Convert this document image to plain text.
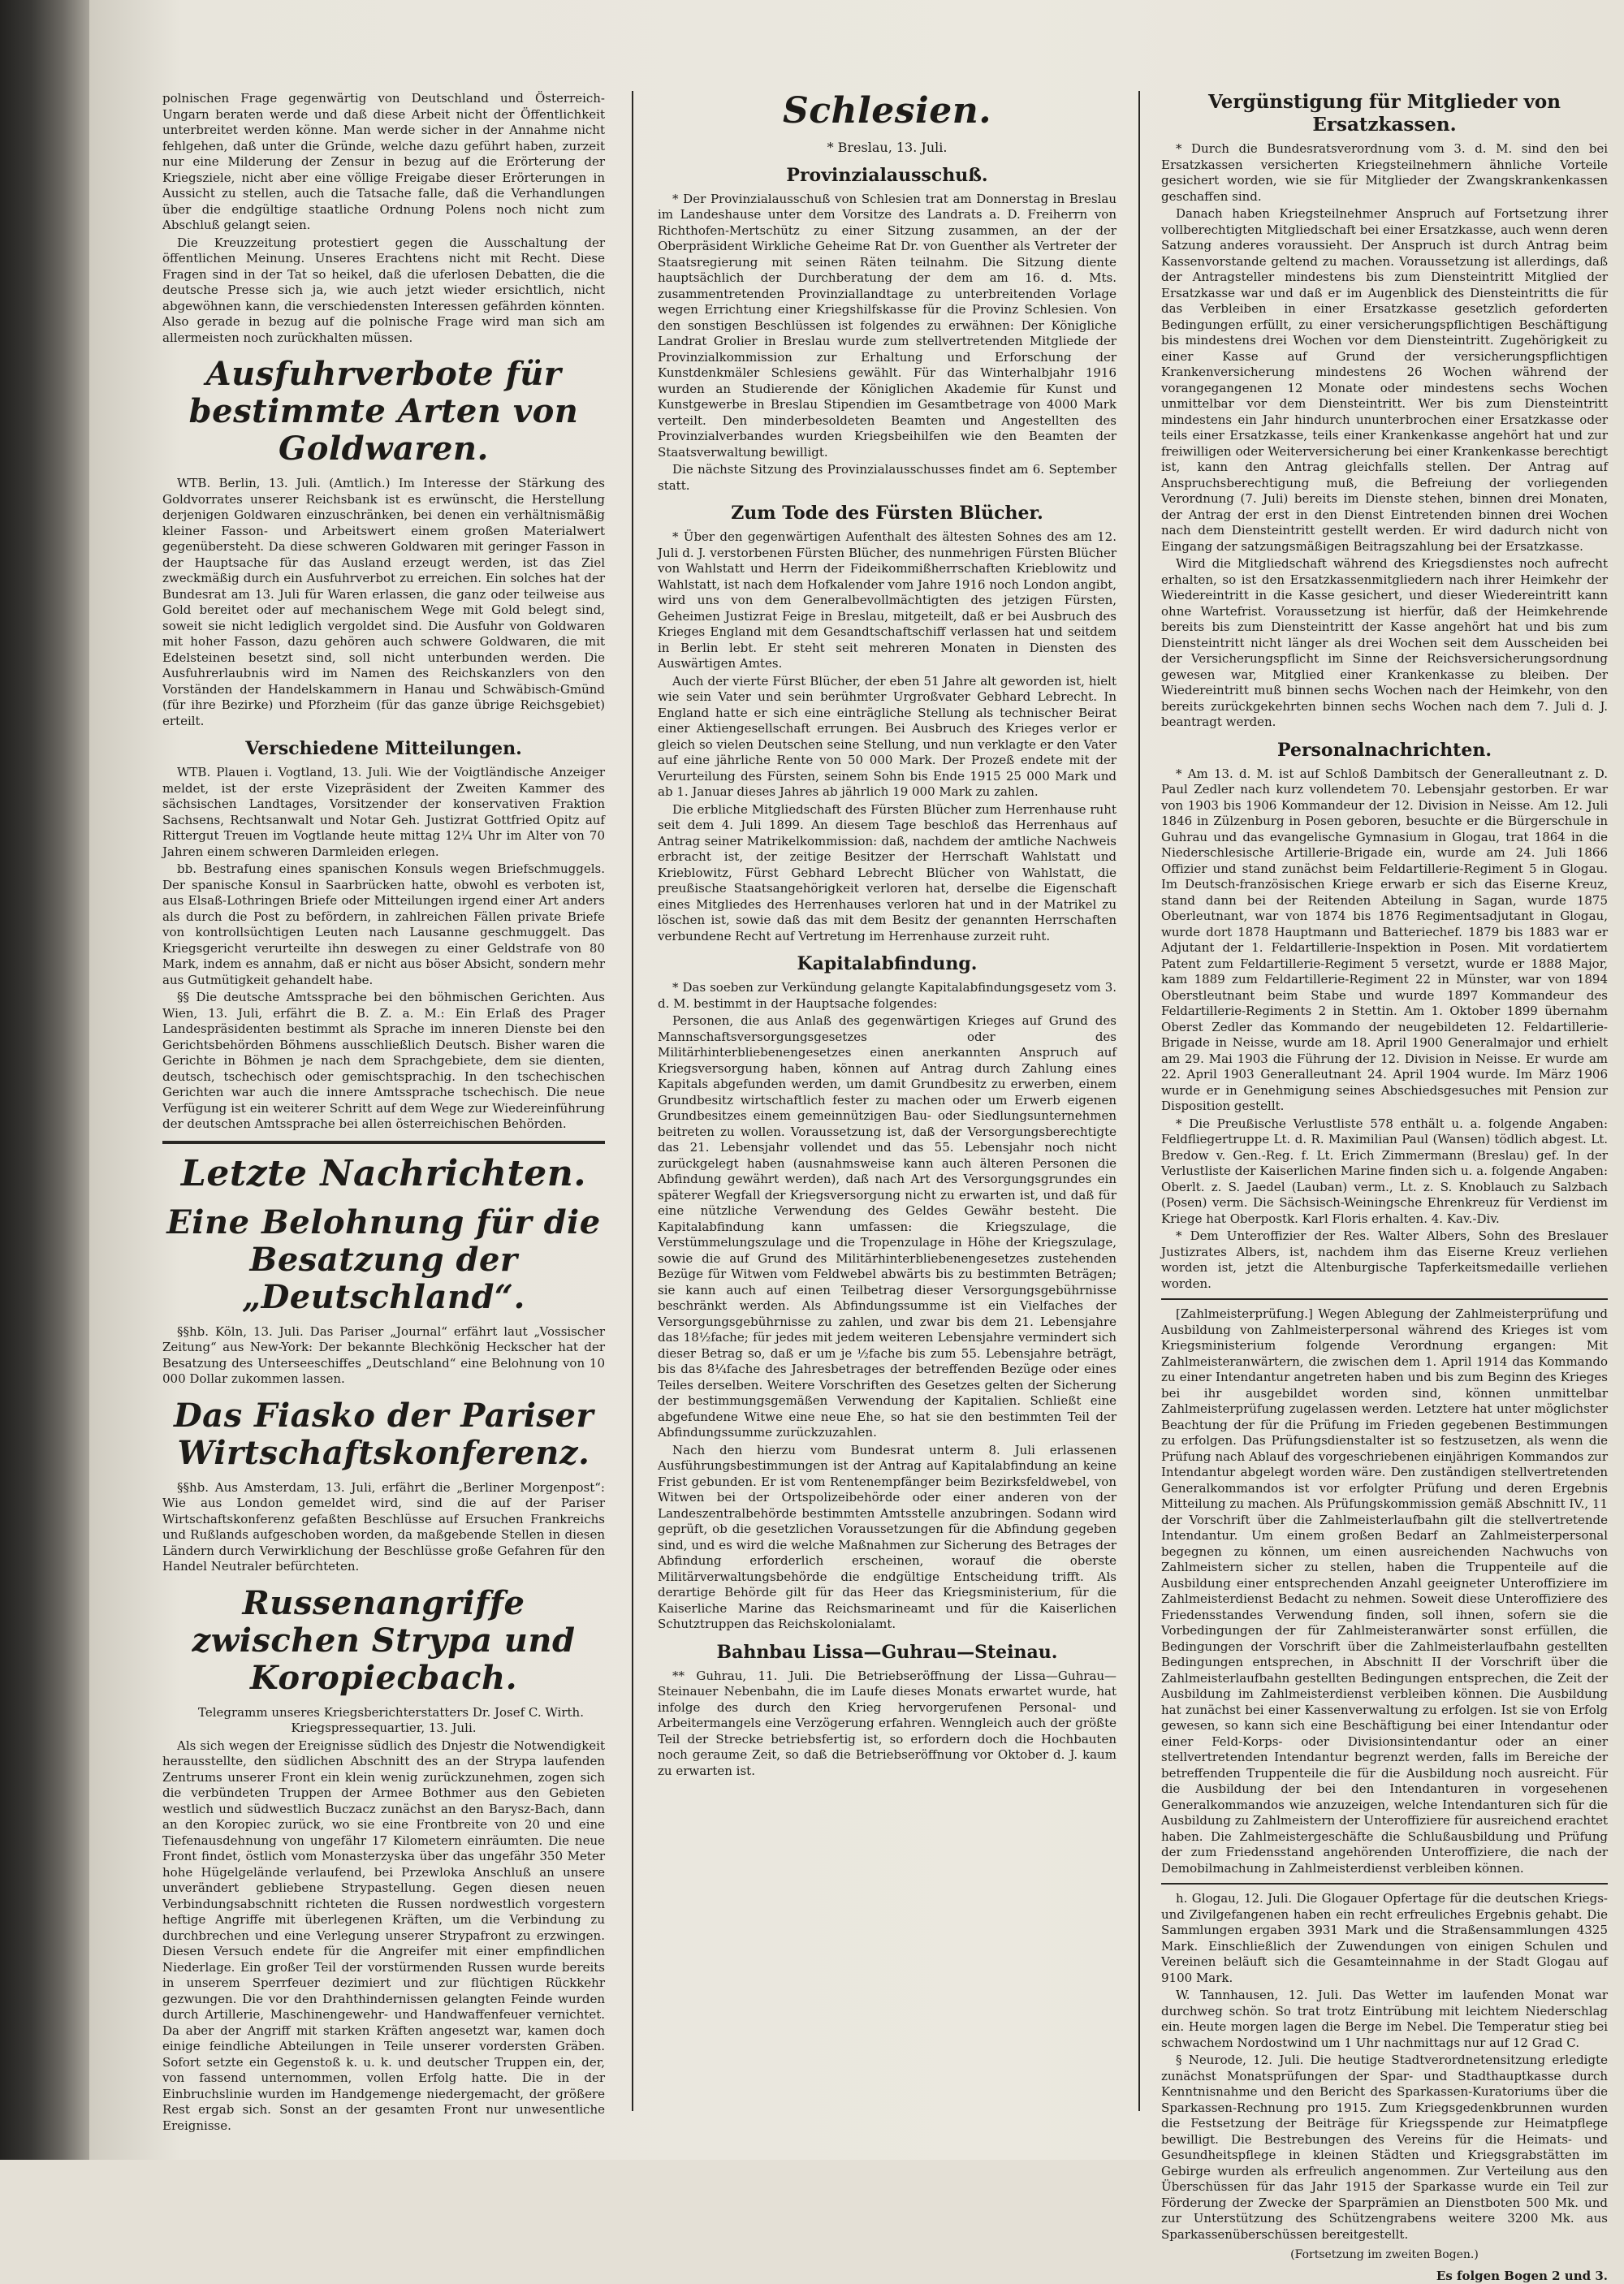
polnischen Frage gegenwärtig von Deutschland und Österreich-Ungarn beraten werde und daß diese Arbeit nicht der Öffentlichkeit unterbreitet werden könne. Man werde sicher in der Annahme nicht fehlgehen, daß unter die Gründe, welche dazu geführt haben, zurzeit nur eine Milderung der Zensur in bezug auf die Erörterung der Kriegsziele, nicht aber eine völlige Freigabe dieser Erörterungen in Aussicht zu stellen, auch die Tatsache falle, daß die Verhandlungen über die endgültige staatliche Ordnung Polens noch nicht zum Abschluß gelangt seien.

Die Kreuzzeitung protestiert gegen die Ausschaltung der öffentlichen Meinung. Unseres Erachtens nicht mit Recht. Diese Fragen sind in der Tat so heikel, daß die uferlosen Debatten, die die deutsche Presse sich ja, wie auch jetzt wieder ersichtlich, nicht abgewöhnen kann, die verschiedensten Interessen gefährden könnten. Also gerade in bezug auf die polnische Frage wird man sich am allermeisten noch zurückhalten müssen.

Ausfuhrverbote für bestimmte Arten von Goldwaren.

WTB. Berlin, 13. Juli. (Amtlich.) Im Interesse der Stärkung des Goldvorrates unserer Reichsbank ist es erwünscht, die Herstellung derjenigen Goldwaren einzuschränken, bei denen ein verhältnismäßig kleiner Fasson- und Arbeitswert einem großen Materialwert gegenübersteht. Da diese schweren Goldwaren mit geringer Fasson in der Hauptsache für das Ausland erzeugt werden, ist das Ziel zweckmäßig durch ein Ausfuhrverbot zu erreichen. Ein solches hat der Bundesrat am 13. Juli für Waren erlassen, die ganz oder teilweise aus Gold bereitet oder auf mechanischem Wege mit Gold belegt sind, soweit sie nicht lediglich vergoldet sind. Die Ausfuhr von Goldwaren mit hoher Fasson, dazu gehören auch schwere Goldwaren, die mit Edelsteinen besetzt sind, soll nicht unterbunden werden. Die Ausfuhrerlaubnis wird im Namen des Reichskanzlers von den Vorständen der Handelskammern in Hanau und Schwäbisch-Gmünd (für ihre Bezirke) und Pforzheim (für das ganze übrige Reichsgebiet) erteilt.

Verschiedene Mitteilungen.

WTB. Plauen i. Vogtland, 13. Juli. Wie der Voigtländische Anzeiger meldet, ist der erste Vizepräsident der Zweiten Kammer des sächsischen Landtages, Vorsitzender der konservativen Fraktion Sachsens, Rechtsanwalt und Notar Geh. Justizrat Gottfried Opitz auf Rittergut Treuen im Vogtlande heute mittag 12¼ Uhr im Alter von 70 Jahren einem schweren Darmleiden erlegen.

bb. Bestrafung eines spanischen Konsuls wegen Briefschmuggels. Der spanische Konsul in Saarbrücken hatte, obwohl es verboten ist, aus Elsaß-Lothringen Briefe oder Mitteilungen irgend einer Art anders als durch die Post zu befördern, in zahlreichen Fällen private Briefe von kontrollsüchtigen Leuten nach Lausanne geschmuggelt. Das Kriegsgericht verurteilte ihn deswegen zu einer Geldstrafe von 80 Mark, indem es annahm, daß er nicht aus böser Absicht, sondern mehr aus Gutmütigkeit gehandelt habe.

§§ Die deutsche Amtssprache bei den böhmischen Gerichten. Aus Wien, 13. Juli, erfährt die B. Z. a. M.: Ein Erlaß des Prager Landespräsidenten bestimmt als Sprache im inneren Dienste bei den Gerichtsbehörden Böhmens ausschließlich Deutsch. Bisher waren die Gerichte in Böhmen je nach dem Sprachgebiete, dem sie dienten, deutsch, tschechisch oder gemischtsprachig. In den tschechischen Gerichten war auch die innere Amtssprache tschechisch. Die neue Verfügung ist ein weiterer Schritt auf dem Wege zur Wiedereinführung der deutschen Amtssprache bei allen österreichischen Behörden.

Letzte Nachrichten.
Eine Belohnung für die Besatzung der „Deutschland“.

§§hb. Köln, 13. Juli. Das Pariser „Journal“ erfährt laut „Vossischer Zeitung“ aus New-York: Der bekannte Blechkönig Heckscher hat der Besatzung des Unterseeschiffes „Deutschland“ eine Belohnung von 10 000 Dollar zukommen lassen.

Das Fiasko der Pariser Wirtschaftskonferenz.

§§hb. Aus Amsterdam, 13. Juli, erfährt die „Berliner Morgenpost“: Wie aus London gemeldet wird, sind die auf der Pariser Wirtschaftskonferenz gefaßten Beschlüsse auf Ersuchen Frankreichs und Rußlands aufgeschoben worden, da maßgebende Stellen in diesen Ländern durch Verwirklichung der Beschlüsse große Gefahren für den Handel Neutraler befürchteten.

Russenangriffe zwischen Strypa und Koropiecbach.

Telegramm unseres Kriegsberichterstatters Dr. Josef C. Wirth. Kriegspressequartier, 13. Juli.

Als sich wegen der Ereignisse südlich des Dnjestr die Notwendigkeit herausstellte, den südlichen Abschnitt des an der Strypa laufenden Zentrums unserer Front ein klein wenig zurückzunehmen, zogen sich die verbündeten Truppen der Armee Bothmer aus den Gebieten westlich und südwestlich Buczacz zunächst an den Barysz-Bach, dann an den Koropiec zurück, wo sie eine Frontbreite von 20 und eine Tiefenausdehnung von ungefähr 17 Kilometern einräumten. Die neue Front findet, östlich vom Monasterzyska über das ungefähr 350 Meter hohe Hügelgelände verlaufend, bei Przewloka Anschluß an unsere unverändert gebliebene Strypastellung. Gegen diesen neuen Verbindungsabschnitt richteten die Russen nordwestlich vorgestern heftige Angriffe mit überlegenen Kräften, um die Verbindung zu durchbrechen und eine Verlegung unserer Strypafront zu erzwingen. Diesen Versuch endete für die Angreifer mit einer empfindlichen Niederlage. Ein großer Teil der vorstürmenden Russen wurde bereits in unserem Sperrfeuer dezimiert und zur flüchtigen Rückkehr gezwungen. Die vor den Drahthindernissen gelangten Feinde wurden durch Artillerie, Maschinengewehr- und Handwaffenfeuer vernichtet. Da aber der Angriff mit starken Kräften angesetzt war, kamen doch einige feindliche Abteilungen in Teile unserer vordersten Gräben. Sofort setzte ein Gegenstoß k. u. k. und deutscher Truppen ein, der, von fassend unternommen, vollen Erfolg hatte. Die in der Einbruchslinie wurden im Handgemenge niedergemacht, der größere Rest ergab sich. Sonst an der gesamten Front nur unwesentliche Ereignisse.

Schlesien.
* Breslau, 13. Juli.
Provinzialausschuß.

* Der Provinzialausschuß von Schlesien trat am Donnerstag in Breslau im Landeshause unter dem Vorsitze des Landrats a. D. Freiherrn von Richthofen-Mertschütz zu einer Sitzung zusammen, an der der Oberpräsident Wirkliche Geheime Rat Dr. von Guenther als Vertreter der Staatsregierung mit seinen Räten teilnahm. Die Sitzung diente hauptsächlich der Durchberatung der dem am 16. d. Mts. zusammentretenden Provinziallandtage zu unterbreitenden Vorlage wegen Errichtung einer Kriegshilfskasse für die Provinz Schlesien. Von den sonstigen Beschlüssen ist folgendes zu erwähnen: Der Königliche Landrat Grolier in Breslau wurde zum stellvertretenden Mitgliede der Provinzialkommission zur Erhaltung und Erforschung der Kunstdenkmäler Schlesiens gewählt. Für das Winterhalbjahr 1916 wurden an Studierende der Königlichen Akademie für Kunst und Kunstgewerbe in Breslau Stipendien im Gesamtbetrage von 4000 Mark verteilt. Den minderbesoldeten Beamten und Angestellten des Provinzialverbandes wurden Kriegsbeihilfen wie den Beamten der Staatsverwaltung bewilligt.

Die nächste Sitzung des Provinzialausschusses findet am 6. September statt.

Zum Tode des Fürsten Blücher.

* Über den gegenwärtigen Aufenthalt des ältesten Sohnes des am 12. Juli d. J. verstorbenen Fürsten Blücher, des nunmehrigen Fürsten Blücher von Wahlstatt und Herrn der Fideikommißherrschaften Krieblowitz und Wahlstatt, ist nach dem Hofkalender vom Jahre 1916 noch London angibt, wird uns von dem Generalbevollmächtigten des jetzigen Fürsten, Geheimen Justizrat Feige in Breslau, mitgeteilt, daß er bei Ausbruch des Krieges England mit dem Gesandtschaftschiff verlassen hat und seitdem in Berlin lebt. Er steht seit mehreren Monaten in Diensten des Auswärtigen Amtes.

Auch der vierte Fürst Blücher, der eben 51 Jahre alt geworden ist, hielt wie sein Vater und sein berühmter Urgroßvater Gebhard Lebrecht. In England hatte er sich eine einträgliche Stellung als technischer Beirat einer Aktiengesellschaft errungen. Bei Ausbruch des Krieges verlor er gleich so vielen Deutschen seine Stellung, und nun verklagte er den Vater auf eine jährliche Rente von 50 000 Mark. Der Prozeß endete mit der Verurteilung des Fürsten, seinem Sohn bis Ende 1915 25 000 Mark und ab 1. Januar dieses Jahres ab jährlich 19 000 Mark zu zahlen.

Die erbliche Mitgliedschaft des Fürsten Blücher zum Herrenhause ruht seit dem 4. Juli 1899. An diesem Tage beschloß das Herrenhaus auf Antrag seiner Matrikelkommission: daß, nachdem der amtliche Nachweis erbracht ist, der zeitige Besitzer der Herrschaft Wahlstatt und Krieblowitz, Fürst Gebhard Lebrecht Blücher von Wahlstatt, die preußische Staatsangehörigkeit verloren hat, derselbe die Eigenschaft eines Mitgliedes des Herrenhauses verloren hat und in der Matrikel zu löschen ist, sowie daß das mit dem Besitz der genannten Herrschaften verbundene Recht auf Vertretung im Herrenhause zurzeit ruht.

Kapitalabfindung.

* Das soeben zur Verkündung gelangte Kapitalabfindungsgesetz vom 3. d. M. bestimmt in der Hauptsache folgendes:

Personen, die aus Anlaß des gegenwärtigen Krieges auf Grund des Mannschaftsversorgungsgesetzes oder des Militärhinterbliebenengesetzes einen anerkannten Anspruch auf Kriegsversorgung haben, können auf Antrag durch Zahlung eines Kapitals abgefunden werden, um damit Grundbesitz zu erwerben, einem Grundbesitz wirtschaftlich fester zu machen oder um Erwerb eigenen Grundbesitzes einem gemeinnützigen Bau- oder Siedlungsunternehmen beitreten zu wollen. Voraussetzung ist, daß der Versorgungsberechtigte das 21. Lebensjahr vollendet und das 55. Lebensjahr noch nicht zurückgelegt haben (ausnahmsweise kann auch älteren Personen die Abfindung gewährt werden), daß nach Art des Versorgungsgrundes ein späterer Wegfall der Kriegsversorgung nicht zu erwarten ist, und daß für eine nützliche Verwendung des Geldes Gewähr besteht. Die Kapitalabfindung kann umfassen: die Kriegszulage, die Verstümmelungszulage und die Tropenzulage in Höhe der Kriegszulage, sowie die auf Grund des Militärhinterbliebenengesetzes zustehenden Bezüge für Witwen vom Feldwebel abwärts bis zu bestimmten Beträgen; sie kann auch auf einen Teilbetrag dieser Versorgungsgebührnisse beschränkt werden. Als Abfindungssumme ist ein Vielfaches der Versorgungsgebührnisse zu zahlen, und zwar bis dem 21. Lebensjahre das 18½fache; für jedes mit jedem weiteren Lebensjahre vermindert sich dieser Betrag so, daß er um je ½fache bis zum 55. Lebensjahre beträgt, bis das 8¼fache des Jahresbetrages der betreffenden Bezüge oder eines Teiles derselben. Weitere Vorschriften des Gesetzes gelten der Sicherung der bestimmungsgemäßen Verwendung der Kapitalien. Schließt eine abgefundene Witwe eine neue Ehe, so hat sie den bestimmten Teil der Abfindungssumme zurückzuzahlen.

Nach den hierzu vom Bundesrat unterm 8. Juli erlassenen Ausführungsbestimmungen ist der Antrag auf Kapitalabfindung an keine Frist gebunden. Er ist vom Rentenempfänger beim Bezirksfeldwebel, von Witwen bei der Ortspolizeibehörde oder einer anderen von der Landeszentralbehörde bestimmten Amtsstelle anzubringen. Sodann wird geprüft, ob die gesetzlichen Voraussetzungen für die Abfindung gegeben sind, und es wird die welche Maßnahmen zur Sicherung des Betrages der Abfindung erforderlich erscheinen, worauf die oberste Militärverwaltungsbehörde die endgültige Entscheidung trifft. Als derartige Behörde gilt für das Heer das Kriegsministerium, für die Kaiserliche Marine das Reichsmarineamt und für die Kaiserlichen Schutztruppen das Reichskolonialamt.

Bahnbau Lissa—Guhrau—Steinau.

** Guhrau, 11. Juli. Die Betriebseröffnung der Lissa—Guhrau—Steinauer Nebenbahn, die im Laufe dieses Monats erwartet wurde, hat infolge des durch den Krieg hervorgerufenen Personal- und Arbeitermangels eine Verzögerung erfahren. Wenngleich auch der größte Teil der Strecke betriebsfertig ist, so erfordern doch die Hochbauten noch geraume Zeit, so daß die Betriebseröffnung vor Oktober d. J. kaum zu erwarten ist.

Vergünstigung für Mitglieder von Ersatzkassen.

* Durch die Bundesratsverordnung vom 3. d. M. sind den bei Ersatzkassen versicherten Kriegsteilnehmern ähnliche Vorteile gesichert worden, wie sie für Mitglieder der Zwangskrankenkassen geschaffen sind.

Danach haben Kriegsteilnehmer Anspruch auf Fortsetzung ihrer vollberechtigten Mitgliedschaft bei einer Ersatzkasse, auch wenn deren Satzung anderes voraussieht. Der Anspruch ist durch Antrag beim Kassenvorstande geltend zu machen. Voraussetzung ist allerdings, daß der Antragsteller mindestens bis zum Diensteintritt Mitglied der Ersatzkasse war und daß er im Augenblick des Diensteintritts die für das Verbleiben in einer Ersatzkasse gesetzlich geforderten Bedingungen erfüllt, zu einer versicherungspflichtigen Beschäftigung bis mindestens drei Wochen vor dem Diensteintritt. Zugehörigkeit zu einer Kasse auf Grund der versicherungspflichtigen Krankenversicherung mindestens 26 Wochen während der vorangegangenen 12 Monate oder mindestens sechs Wochen unmittelbar vor dem Diensteintritt. Wer bis zum Diensteintritt mindestens ein Jahr hindurch ununterbrochen einer Ersatzkasse oder teils einer Ersatzkasse, teils einer Krankenkasse angehört hat und zur freiwilligen oder Weiterversicherung bei einer Krankenkasse berechtigt ist, kann den Antrag gleichfalls stellen. Der Antrag auf Anspruchsberechtigung muß, die Befreiung der vorliegenden Verordnung (7. Juli) bereits im Dienste stehen, binnen drei Monaten, der Antrag der erst in den Dienst Eintretenden binnen drei Wochen nach dem Diensteintritt gestellt werden. Er wird dadurch nicht von Eingang der satzungsmäßigen Beitragszahlung bei der Ersatzkasse.

Wird die Mitgliedschaft während des Kriegsdienstes noch aufrecht erhalten, so ist den Ersatzkassenmitgliedern nach ihrer Heimkehr der Wiedereintritt in die Kasse gesichert, und dieser Wiedereintritt kann ohne Wartefrist. Voraussetzung ist hierfür, daß der Heimkehrende bereits bis zum Diensteintritt der Kasse angehört hat und bis zum Diensteintritt nicht länger als drei Wochen seit dem Ausscheiden bei der Versicherungspflicht im Sinne der Reichsversicherungsordnung gewesen war, Mitglied einer Krankenkasse zu bleiben. Der Wiedereintritt muß binnen sechs Wochen nach der Heimkehr, von den bereits zurückgekehrten binnen sechs Wochen nach dem 7. Juli d. J. beantragt werden.

Personalnachrichten.

* Am 13. d. M. ist auf Schloß Dambitsch der Generalleutnant z. D. Paul Zedler nach kurz vollendetem 70. Lebensjahr gestorben. Er war von 1903 bis 1906 Kommandeur der 12. Division in Neisse. Am 12. Juli 1846 in Zülzenburg in Posen geboren, besuchte er die Bürgerschule in Guhrau und das evangelische Gymnasium in Glogau, trat 1864 in die Niederschlesische Artillerie-Brigade ein, wurde am 24. Juli 1866 Offizier und stand zunächst beim Feldartillerie-Regiment 5 in Glogau. Im Deutsch-französischen Kriege erwarb er sich das Eiserne Kreuz, stand dann bei der Reitenden Abteilung in Sagan, wurde 1875 Oberleutnant, war von 1874 bis 1876 Regimentsadjutant in Glogau, wurde dort 1878 Hauptmann und Batteriechef. 1879 bis 1883 war er Adjutant der 1. Feldartillerie-Inspektion in Posen. Mit vordatiertem Patent zum Feldartillerie-Regiment 5 versetzt, wurde er 1888 Major, kam 1889 zum Feldartillerie-Regiment 22 in Münster, war von 1894 Oberstleutnant beim Stabe und wurde 1897 Kommandeur des Feldartillerie-Regiments 2 in Stettin. Am 1. Oktober 1899 übernahm Oberst Zedler das Kommando der neugebildeten 12. Feldartillerie-Brigade in Neisse, wurde am 18. April 1900 Generalmajor und erhielt am 29. Mai 1903 die Führung der 12. Division in Neisse. Er wurde am 22. April 1903 Generalleutnant 24. April 1904 wurde. Im März 1906 wurde er in Genehmigung seines Abschiedsgesuches mit Pension zur Disposition gestellt.

* Die Preußische Verlustliste 578 enthält u. a. folgende Angaben: Feldfliegertruppe Lt. d. R. Maximilian Paul (Wansen) tödlich abgest. Lt. Bredow v. Gen.-Reg. f. Lt. Erich Zimmermann (Breslau) gef. In der Verlustliste der Kaiserlichen Marine finden sich u. a. folgende Angaben: Oberlt. z. S. Jaedel (Lauban) verm., Lt. z. S. Knoblauch zu Salzbach (Posen) verm. Die Sächsisch-Weiningsche Ehrenkreuz für Verdienst im Kriege hat Oberpostk. Karl Floris erhalten. 4. Kav.-Div.

* Dem Unteroffizier der Res. Walter Albers, Sohn des Breslauer Justizrates Albers, ist, nachdem ihm das Eiserne Kreuz verliehen worden ist, jetzt die Altenburgische Tapferkeitsmedaille verliehen worden.

[Zahlmeisterprüfung.] Wegen Ablegung der Zahlmeisterprüfung und Ausbildung von Zahlmeisterpersonal während des Krieges ist vom Kriegsministerium folgende Verordnung ergangen: Mit Zahlmeisteranwärtern, die zwischen dem 1. April 1914 das Kommando zu einer Intendantur angetreten haben und bis zum Beginn des Krieges bei ihr ausgebildet worden sind, können unmittelbar Zahlmeisterprüfung zugelassen werden. Letztere hat unter möglichster Beachtung der für die Prüfung im Frieden gegebenen Bestimmungen zu erfolgen. Das Prüfungsdienstalter ist so festzusetzen, als wenn die Prüfung nach Ablauf des vorgeschriebenen einjährigen Kommandos zur Intendantur abgelegt worden wäre. Den zuständigen stellvertretenden Generalkommandos ist vor erfolgter Prüfung und deren Ergebnis Mitteilung zu machen. Als Prüfungskommission gemäß Abschnitt IV., 11 der Vorschrift über die Zahlmeisterlaufbahn gilt die stellvertretende Intendantur. Um einem großen Bedarf an Zahlmeisterpersonal begegnen zu können, um einen ausreichenden Nachwuchs von Zahlmeistern sicher zu stellen, haben die Truppenteile auf die Ausbildung einer entsprechenden Anzahl geeigneter Unteroffiziere im Zahlmeisterdienst Bedacht zu nehmen. Soweit diese Unteroffiziere des Friedensstandes Verwendung finden, soll ihnen, sofern sie die Vorbedingungen der für Zahlmeisteranwärter sonst erfüllen, die Bedingungen der Vorschrift über die Zahlmeisterlaufbahn gestellten Bedingungen entsprechen, in Abschnitt II der Vorschrift über die Zahlmeisterlaufbahn gestellten Bedingungen entsprechen, die Zeit der Ausbildung im Zahlmeisterdienst verbleiben können. Die Ausbildung hat zunächst bei einer Kassenverwaltung zu erfolgen. Ist sie von Erfolg gewesen, so kann sich eine Beschäftigung bei einer Intendantur oder einer Feld-Korps- oder Divisionsintendantur oder an einer stellvertretenden Intendantur begrenzt werden, falls im Bereiche der betreffenden Truppenteile die für die Ausbildung noch ausreicht. Für die Ausbildung der bei den Intendanturen in vorgesehenen Generalkommandos wie anzuzeigen, welche Intendanturen sich für die Ausbildung zu Zahlmeistern der Unteroffiziere für ausreichend erachtet haben. Die Zahlmeistergeschäfte die Schlußausbildung und Prüfung der zum Friedensstand angehörenden Unteroffiziere, die nach der Demobilmachung in Zahlmeisterdienst verbleiben können.

h. Glogau, 12. Juli. Die Glogauer Opfertage für die deutschen Kriegs- und Zivilgefangenen haben ein recht erfreuliches Ergebnis gehabt. Die Sammlungen ergaben 3931 Mark und die Straßensammlungen 4325 Mark. Einschließlich der Zuwendungen von einigen Schulen und Vereinen beläuft sich die Gesamteinnahme in der Stadt Glogau auf 9100 Mark.

W. Tannhausen, 12. Juli. Das Wetter im laufenden Monat war durchweg schön. So trat trotz Eintrübung mit leichtem Niederschlag ein. Heute morgen lagen die Berge im Nebel. Die Temperatur stieg bei schwachem Nordostwind um 1 Uhr nachmittags nur auf 12 Grad C.

§ Neurode, 12. Juli. Die heutige Stadtverordnetensitzung erledigte zunächst Monatsprüfungen der Spar- und Stadthauptkasse durch Kenntnisnahme und den Bericht des Sparkassen-Kuratoriums über die Sparkassen-Rechnung pro 1915. Zum Kriegsgedenkbrunnen wurden die Festsetzung der Beiträge für Kriegsspende zur Heimatpflege bewilligt. Die Bestrebungen des Vereins für die Heimats- und Gesundheitspflege in kleinen Städten und Kriegsgrabstätten im Gebirge wurden als erfreulich angenommen. Zur Verteilung aus den Überschüssen für das Jahr 1915 der Sparkasse wurde ein Teil zur Förderung der Zwecke der Sparprämien an Dienstboten 500 Mk. und zur Unterstützung des Schützengrabens weitere 3200 Mk. aus Sparkassenüberschüssen bereitgestellt.

(Fortsetzung im zweiten Bogen.)
Es folgen Bogen 2 und 3.
